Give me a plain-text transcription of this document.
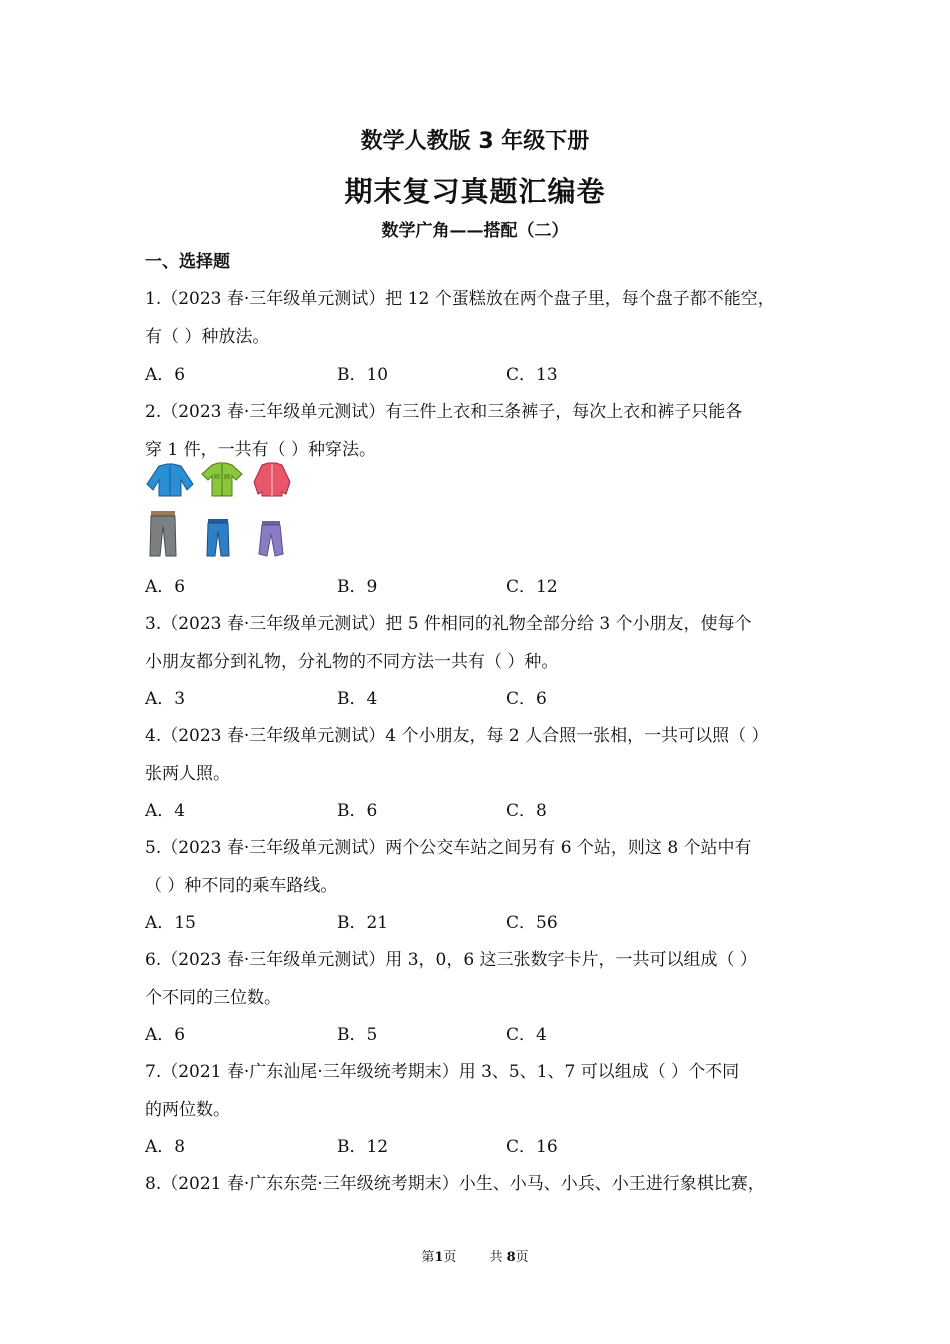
数学人教版 3 年级下册
期末复习真题汇编卷
数学广角——搭配（二）
一、选择题
1.（2023 春·三年级单元测试）把 12 个蛋糕放在两个盘子里，每个盘子都不能空，
有（ ）种放法。
A．6	B．10	C．13
2.（2023 春·三年级单元测试）有三件上衣和三条裤子，每次上衣和裤子只能各
穿 1 件，一共有（ ）种穿法。
A．6	B．9	C．12
3.（2023 春·三年级单元测试）把 5 件相同的礼物全部分给 3 个小朋友，使每个
小朋友都分到礼物，分礼物的不同方法一共有（ ）种。
A．3	B．4	C．6
4.（2023 春·三年级单元测试）4 个小朋友，每 2 人合照一张相，一共可以照（ ）
张两人照。
A．4	B．6	C．8
5.（2023 春·三年级单元测试）两个公交车站之间另有 6 个站，则这 8 个站中有
（ ）种不同的乘车路线。
A．15	B．21	C．56
6.（2023 春·三年级单元测试）用 3，0，6 这三张数字卡片，一共可以组成（ ）
个不同的三位数。
A．6	B．5	C．4
7.（2021 春·广东汕尾·三年级统考期末）用 3、5、1、7 可以组成（ ）个不同
的两位数。
A．8	B．12	C．16
8.（2021 春·广东东莞·三年级统考期末）小生、小马、小兵、小王进行象棋比赛，
第1页	共 8页
